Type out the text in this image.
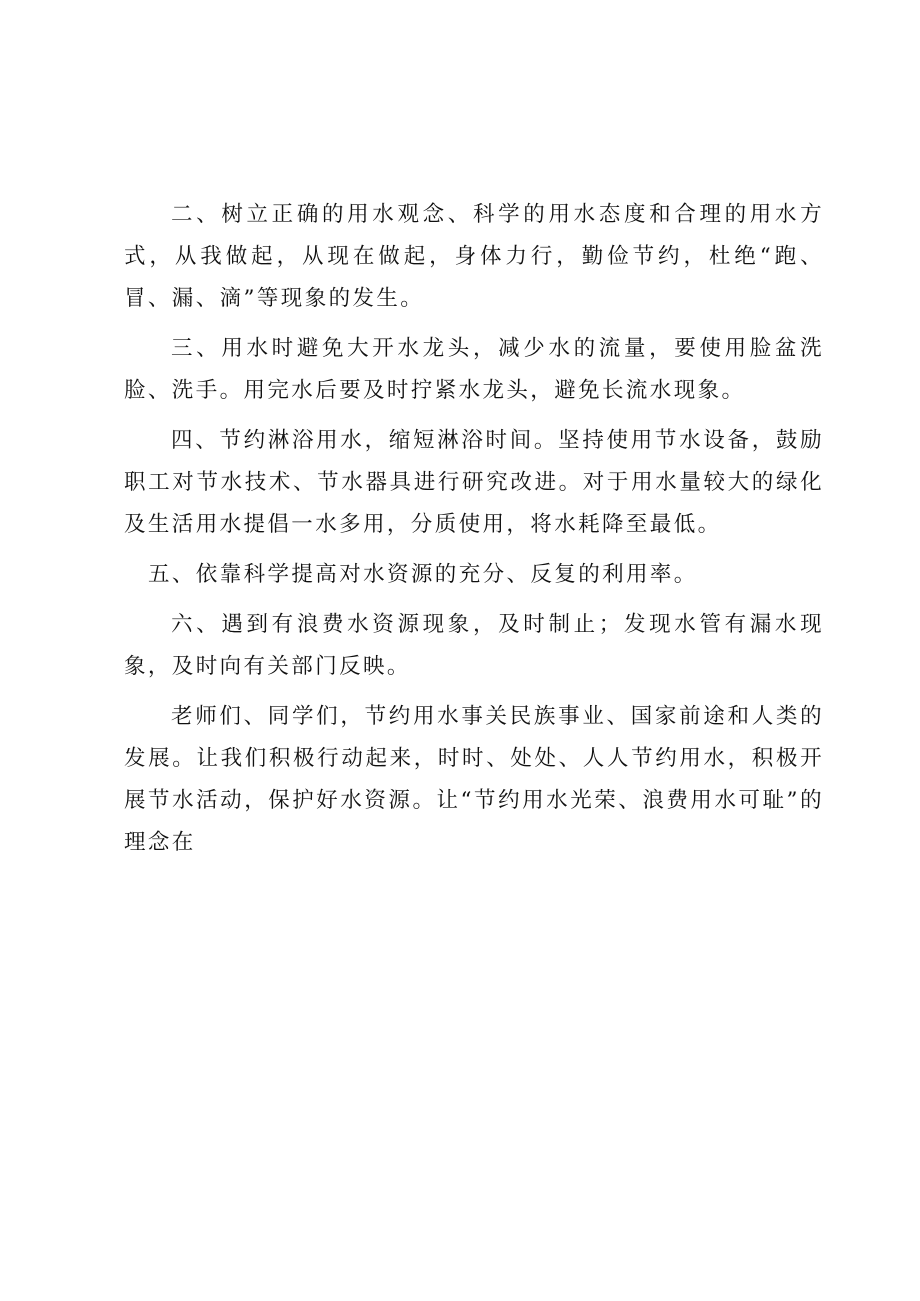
二、树立正确的用水观念、科学的用水态度和合理的用水方式，从我做起，从现在做起，身体力行，勤俭节约，杜绝“跑、冒、漏、滴”等现象的发生。

三、用水时避免大开水龙头，减少水的流量，要使用脸盆洗脸、洗手。用完水后要及时拧紧水龙头，避免长流水现象。

四、节约淋浴用水，缩短淋浴时间。坚持使用节水设备，鼓励职工对节水技术、节水器具进行研究改进。对于用水量较大的绿化及生活用水提倡一水多用，分质使用，将水耗降至最低。

五、依靠科学提高对水资源的充分、反复的利用率。

六、遇到有浪费水资源现象，及时制止；发现水管有漏水现象，及时向有关部门反映。

老师们、同学们，节约用水事关民族事业、国家前途和人类的发展。让我们积极行动起来，时时、处处、人人节约用水，积极开展节水活动，保护好水资源。让“节约用水光荣、浪费用水可耻”的理念在
